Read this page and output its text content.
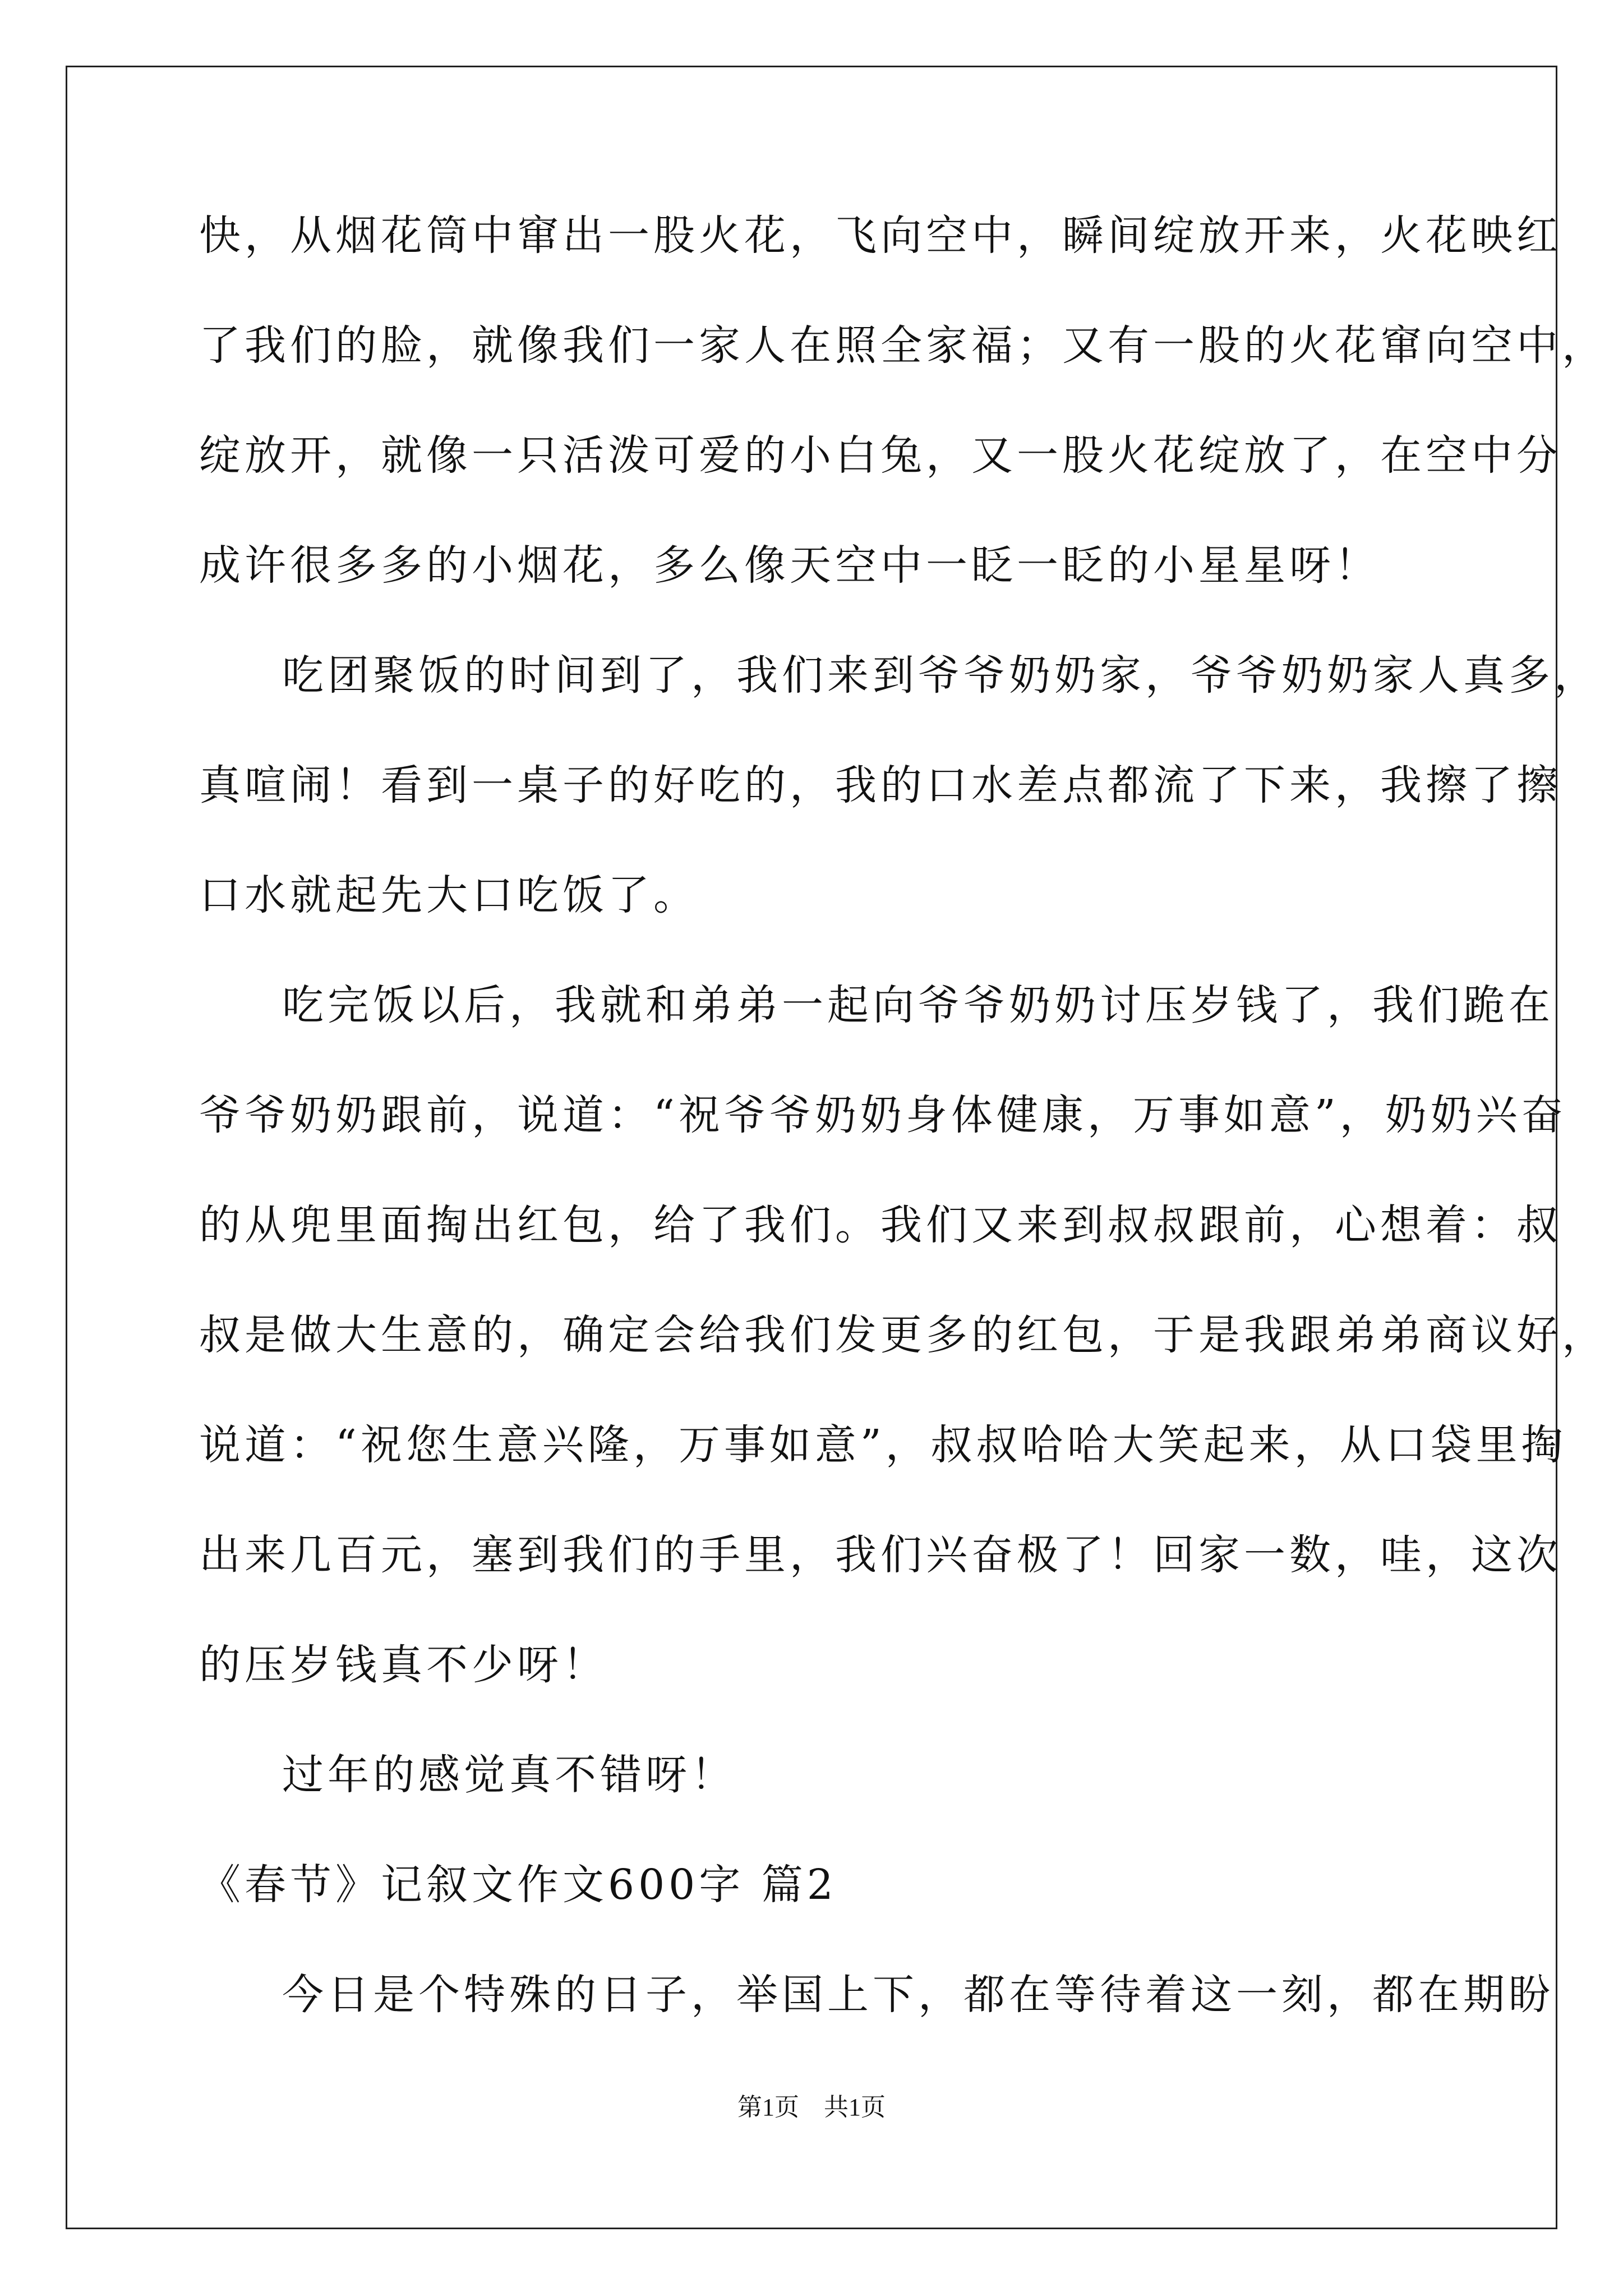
快，从烟花筒中窜出一股火花，飞向空中，瞬间绽放开来，火花映红
了我们的脸，就像我们一家人在照全家福；又有一股的火花窜向空中，
绽放开，就像一只活泼可爱的小白兔，又一股火花绽放了，在空中分
成许很多多的小烟花，多么像天空中一眨一眨的小星星呀！
吃团聚饭的时间到了，我们来到爷爷奶奶家，爷爷奶奶家人真多，
真喧闹！看到一桌子的好吃的，我的口水差点都流了下来，我擦了擦
口水就起先大口吃饭了。
吃完饭以后，我就和弟弟一起向爷爷奶奶讨压岁钱了，我们跪在
爷爷奶奶跟前，说道：“祝爷爷奶奶身体健康，万事如意”，奶奶兴奋
的从兜里面掏出红包，给了我们。我们又来到叔叔跟前，心想着：叔
叔是做大生意的，确定会给我们发更多的红包，于是我跟弟弟商议好，
说道：“祝您生意兴隆，万事如意”，叔叔哈哈大笑起来，从口袋里掏
出来几百元，塞到我们的手里，我们兴奋极了！回家一数，哇，这次
的压岁钱真不少呀！
过年的感觉真不错呀！
《春节》记叙文作文600字 篇2
今日是个特殊的日子，举国上下，都在等待着这一刻，都在期盼
第1页　共1页
